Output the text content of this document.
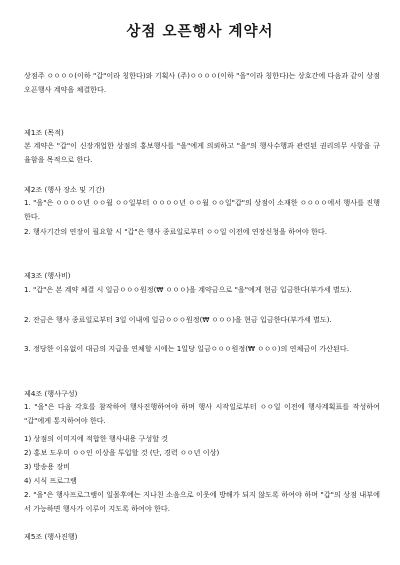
상점 오픈행사 계약서
상점주 ㅇㅇㅇㅇ(이하 "갑"이라 칭한다)와 기획사 (주)ㅇㅇㅇㅇ(이하 "을"이라 칭한다)는 상호간에 다음과 같이 상점 오픈행사 계약을 체결한다.
제1조 (목적)
본 계약은 "갑"이 신장개업한 상점의 홍보행사를 "을"에게 의뢰하고 "을"의 행사수행과 관련된 권리의무 사항을 규율함을 목적으로 한다.
제2조 (행사 장소 및 기간)
1. "을"은 ㅇㅇㅇㅇ년 ㅇㅇ월 ㅇㅇ일부터 ㅇㅇㅇㅇ년 ㅇㅇ월 ㅇㅇ일"갑"의 상점이 소재한 ㅇㅇㅇㅇ에서 행사를 진행한다.
2. 행사기간의 연장이 필요할 시 "갑"은 행사 종료일로부터 ㅇㅇ일 이전에 연장신청을 하여야 한다.
제3조 (행사비)
1. "갑"은 본 계약 체결 시 일금ㅇㅇㅇ원정(₩ ㅇㅇㅇ)을 계약금으로 "을"에게 현금 입금한다(부가세 별도).
2. 잔금은 행사 종료일로부터 3일 이내에 일금ㅇㅇㅇ원정(₩ ㅇㅇㅇ)을 현금 입금한다(부가세 별도).
3. 정당한 이유없이 대금의 지급을 연체할 시에는 1일당 일금ㅇㅇㅇ원정(₩ ㅇㅇㅇ)의 연체금이 가산된다.
제4조 (행사구성)
1. "을"은 다음 각호를 참작하여 행사진행하여야 하며 행사 시작일로부터 ㅇㅇ일 이전에 행사계획표를 작성하여 "갑"에게 통지하여야 한다.
1) 상점의 이미지에 적합한 행사내용 구성할 것
2) 홍보 도우미 ㅇㅇ인 이상을 투입할 것 (단, 경력 ㅇㅇ년 이상)
3) 방송용 장비
4) 시식 프로그램
2. "을"은 행사프로그램이 일몰후에는 지나친 소음으로 이웃에 방해가 되지 않도록 하여야 하며 "갑"의 상점 내부에서 가능하면 행사가 이루어 지도록 하여야 한다.
제5조 (행사진행)
